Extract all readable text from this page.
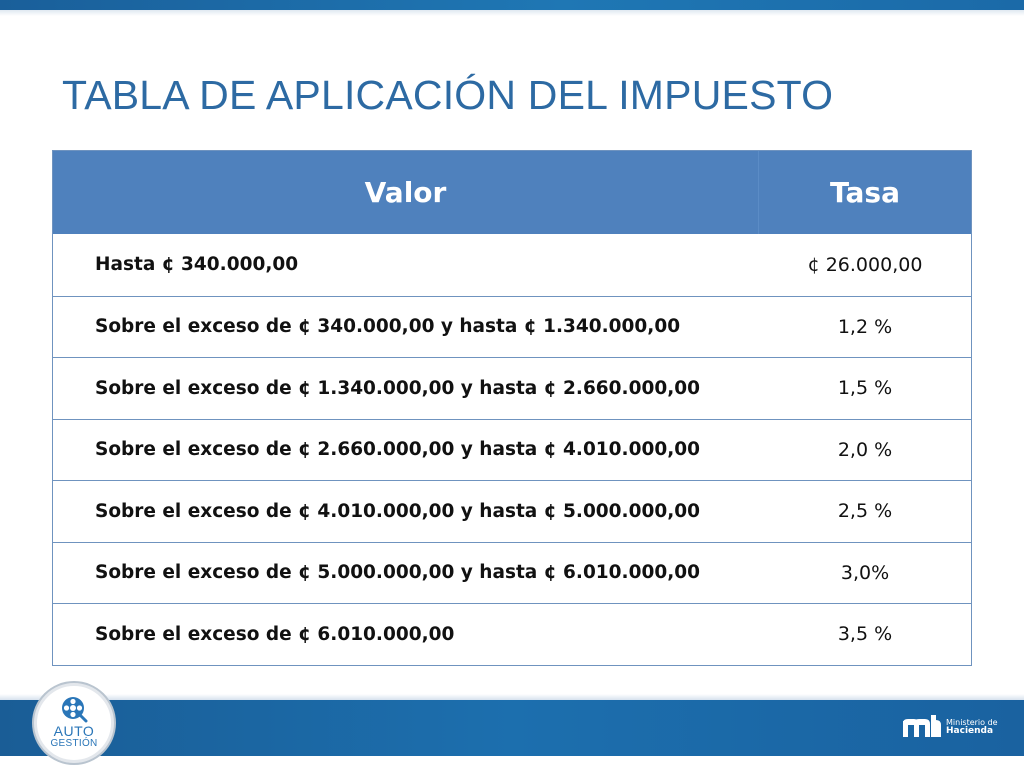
TABLA DE APLICACIÓN DEL IMPUESTO
Valor	Tasa
Hasta ¢ 340.000,00	¢ 26.000,00
Sobre el exceso de ¢ 340.000,00 y hasta ¢ 1.340.000,00	1,2 %
Sobre el exceso de ¢ 1.340.000,00 y hasta ¢ 2.660.000,00	1,5 %
Sobre el exceso de ¢ 2.660.000,00 y hasta ¢ 4.010.000,00	2,0 %
Sobre el exceso de ¢ 4.010.000,00 y hasta ¢ 5.000.000,00	2,5 %
Sobre el exceso de ¢ 5.000.000,00 y hasta ¢ 6.010.000,00	3,0%
Sobre el exceso de ¢ 6.010.000,00	3,5 %
AUTO
GESTIÓN
Ministerio de
Hacienda
